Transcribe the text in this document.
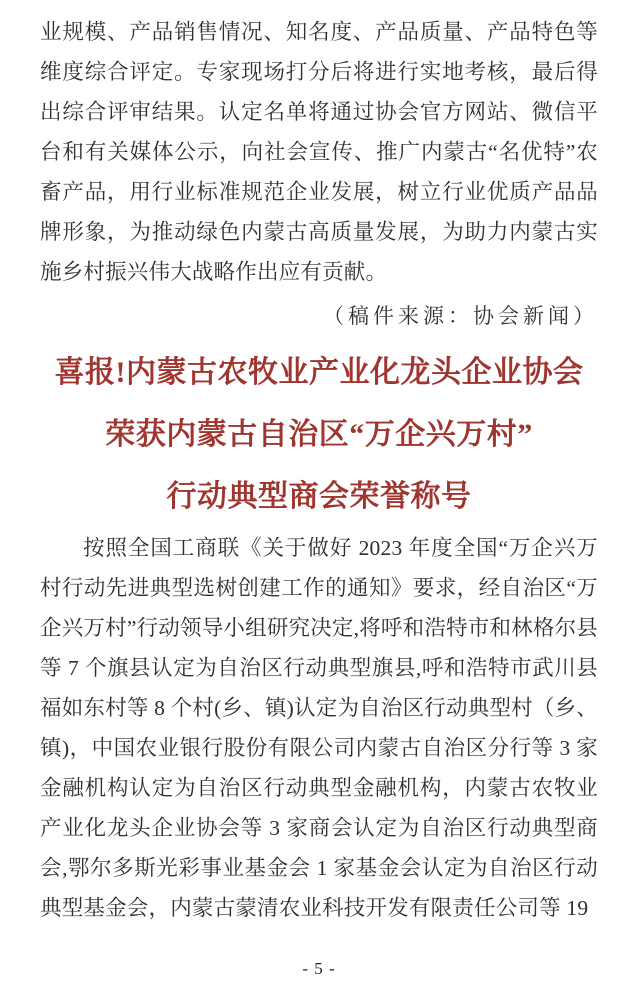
业规模、产品销售情况、知名度、产品质量、产品特色等维度综合评定。专家现场打分后将进行实地考核，最后得出综合评审结果。认定名单将通过协会官方网站、微信平台和有关媒体公示，向社会宣传、推广内蒙古“名优特”农畜产品，用行业标准规范企业发展，树立行业优质产品品牌形象，为推动绿色内蒙古高质量发展，为助力内蒙古实施乡村振兴伟大战略作出应有贡献。

（稿件来源：协会新闻）

喜报!内蒙古农牧业产业化龙头企业协会
荣获内蒙古自治区“万企兴万村”
行动典型商会荣誉称号

按照全国工商联《关于做好 2023 年度全国“万企兴万村行动先进典型选树创建工作的通知》要求，经自治区“万企兴万村”行动领导小组研究决定,将呼和浩特市和林格尔县等 7 个旗县认定为自治区行动典型旗县,呼和浩特市武川县福如东村等 8 个村(乡、镇)认定为自治区行动典型村（乡、镇)，中国农业银行股份有限公司内蒙古自治区分行等 3 家金融机构认定为自治区行动典型金融机构，内蒙古农牧业产业化龙头企业协会等 3 家商会认定为自治区行动典型商会,鄂尔多斯光彩事业基金会 1 家基金会认定为自治区行动典型基金会，内蒙古蒙清农业科技开发有限责任公司等 19

- 5 -
